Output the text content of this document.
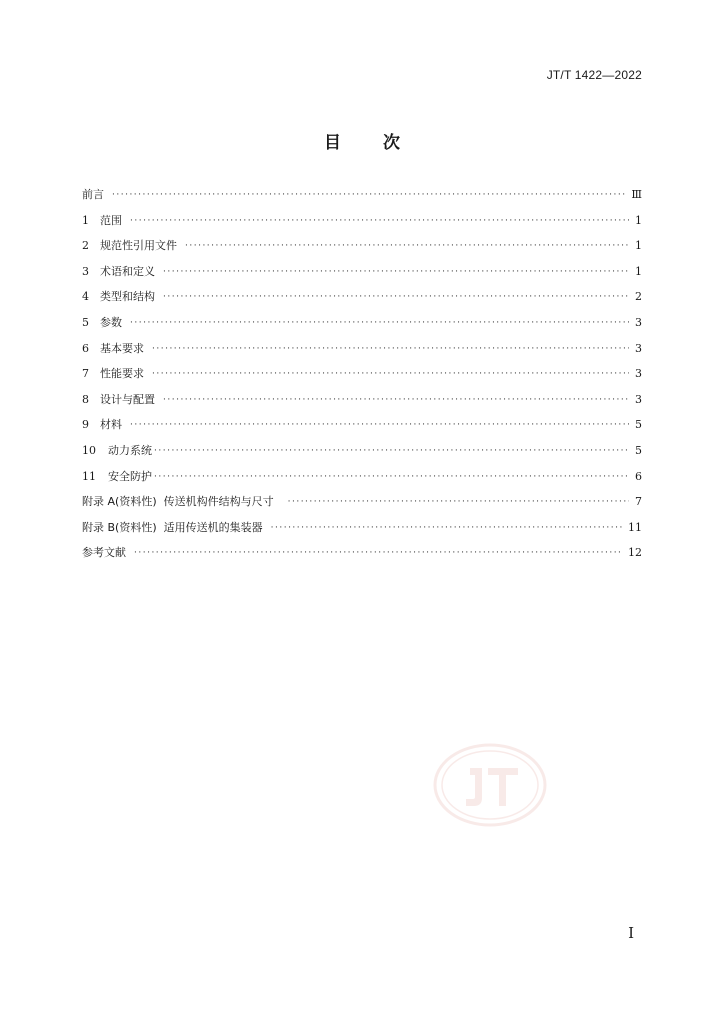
JT/T 1422—2022
目 次
前言 ·····	Ⅲ
1	范围 ·····	1
2	规范性引用文件 ·····	1
3	术语和定义 ·····	1
4	类型和结构 ·····	2
5	参数 ·····	3
6	基本要求 ·····	3
7	性能要求 ·····	3
8	设计与配置 ·····	3
9	材料 ·····	5
10	动力系统 ·····	5
11	安全防护 ·····	6
附录 A(资料性)  传送机构件结构与尺寸 ·····	7
附录 B(资料性)  适用传送机的集装器 ·····	11
参考文献 ·····	12
I
